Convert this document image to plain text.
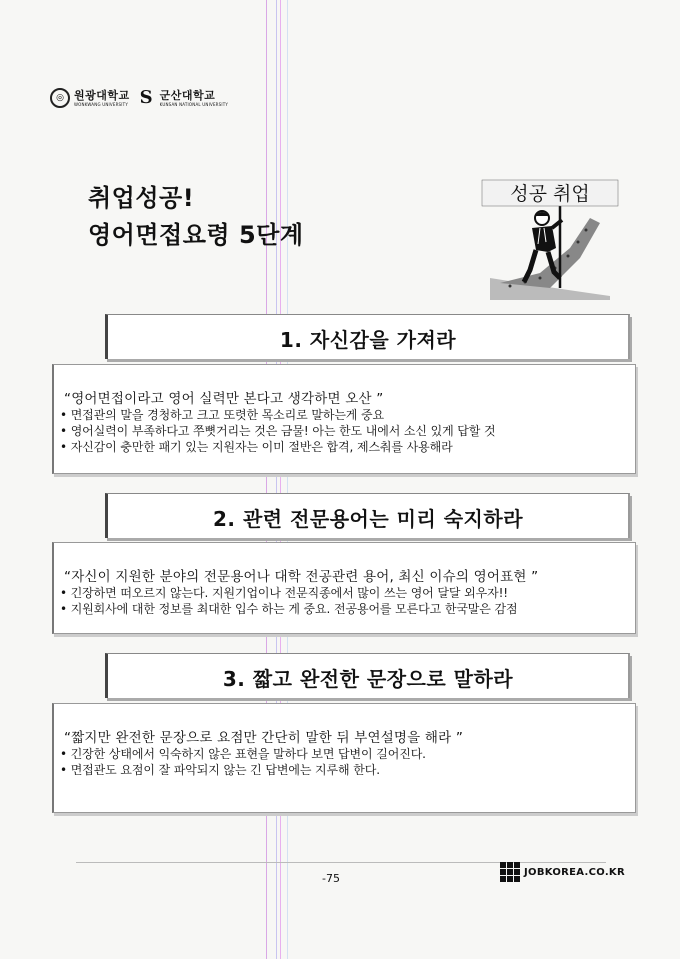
◎ 원광대학교
WONKWANG UNIVERSITY S 군산대학교
KUNSAN NATIONAL UNIVERSITY
취업성공!
영어면접요령 5단계
성공 취업
1. 자신감을 가져라
“영어면접이라고 영어 실력만 본다고 생각하면 오산 ”
• 면접관의 말을 경청하고 크고 또렷한 목소리로 말하는게 중요
• 영어실력이 부족하다고 쭈뼛거리는 것은 금물! 아는 한도 내에서 소신 있게 답할 것
• 자신감이 충만한 패기 있는 지원자는 이미 절반은 합격, 제스춰를 사용해라
2. 관련 전문용어는 미리 숙지하라
“자신이 지원한 분야의 전문용어나 대학 전공관련 용어, 최신 이슈의 영어표현 ”
• 긴장하면 떠오르지 않는다. 지원기업이나 전문직종에서 많이 쓰는 영어 달달 외우자!!
• 지원회사에 대한 정보를 최대한 입수 하는 게 중요. 전공용어를 모른다고 한국말은 감점
3. 짧고 완전한 문장으로 말하라
“짧지만 완전한 문장으로 요점만 간단히 말한 뒤 부연설명을 해라 ”
• 긴장한 상태에서 익숙하지 않은 표현을 말하다 보면 답변이 길어진다.
• 면접관도 요점이 잘 파악되지 않는 긴 답변에는 지루해 한다.
-75	JOBKOREA.CO.KR
